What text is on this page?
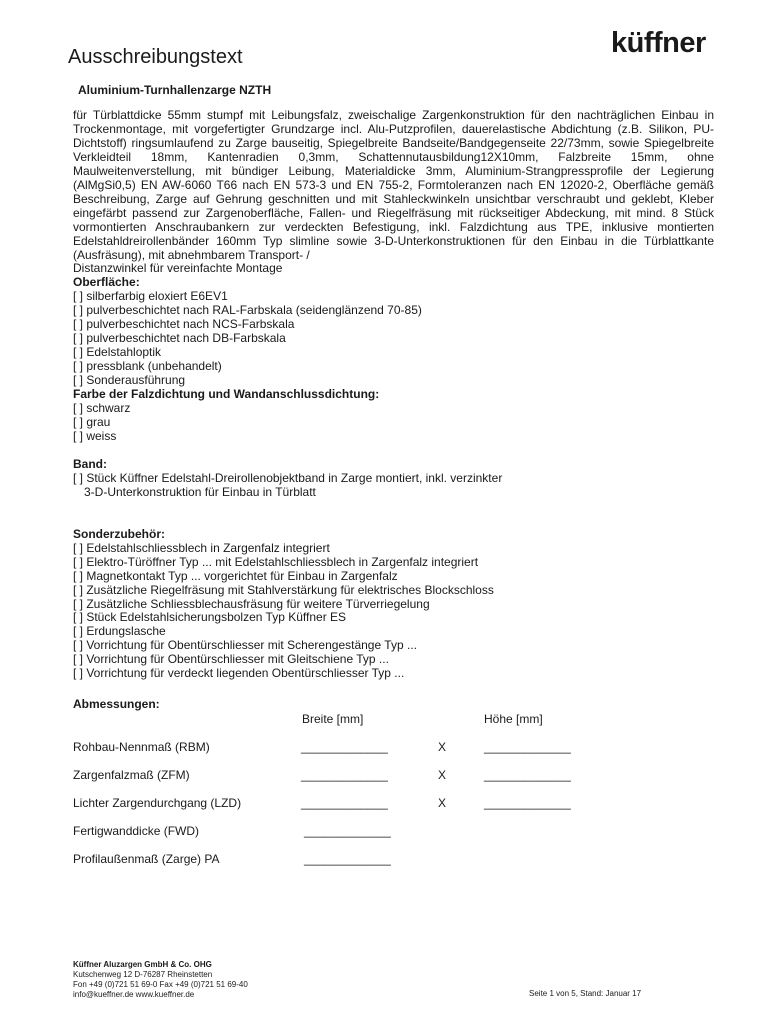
Ausschreibungstext	küffner
Aluminium-Turnhallenzarge NZTH

für Türblattdicke 55mm stumpf mit Leibungsfalz, zweischalige Zargenkonstruktion für den nachträglichen Einbau in Trockenmontage, mit vorgefertigter Grundzarge incl. Alu-Putzprofilen, dauerelastische Abdichtung (z.B. Silikon, PU-Dichtstoff) ringsumlaufend zu Zarge bauseitig, Spiegelbreite Bandseite/Bandgegenseite 22/73mm, sowie Spiegelbreite Verkleidteil 18mm, Kantenradien 0,3mm, Schattennutausbildung12X10mm, Falzbreite 15mm, ohne Maulweitenverstellung, mit bündiger Leibung, Materialdicke 3mm, Aluminium-Strangpressprofile der Legierung (AlMgSi0,5) EN AW-6060 T66 nach EN 573-3 und EN 755-2, Formtoleranzen nach EN 12020-2, Oberfläche gemäß Beschreibung, Zarge auf Gehrung geschnitten und mit Stahleckwinkeln unsichtbar verschraubt und geklebt, Kleber eingefärbt passend zur Zargenoberfläche, Fallen- und Riegelfräsung mit rückseitiger Abdeckung, mit mind. 8 Stück vormontierten Anschraubankern zur verdeckten Befestigung, inkl. Falzdichtung aus TPE, inklusive montierten Edelstahldreirollenbänder 160mm Typ slimline sowie 3-D-Unterkonstruktionen für den Einbau in die Türblattkante (Ausfräsung), mit abnehmbarem Transport- /

Distanzwinkel für vereinfachte Montage

Oberfläche:

[ ] silberfarbig eloxiert E6EV1

[ ] pulverbeschichtet nach RAL-Farbskala (seidenglänzend 70-85)

[ ] pulverbeschichtet nach NCS-Farbskala

[ ] pulverbeschichtet nach DB-Farbskala

[ ] Edelstahloptik

[ ] pressblank (unbehandelt)

[ ] Sonderausführung

Farbe der Falzdichtung und Wandanschlussdichtung:

[ ] schwarz

[ ] grau

[ ] weiss

Band:

[ ] Stück Küffner Edelstahl-Dreirollenobjektband in Zarge montiert, inkl. verzinkter

3-D-Unterkonstruktion für Einbau in Türblatt

Sonderzubehör:

[ ] Edelstahlschliessblech in Zargenfalz integriert

[ ] Elektro-Türöffner Typ ... mit Edelstahlschliessblech in Zargenfalz integriert

[ ] Magnetkontakt Typ ... vorgerichtet für Einbau in Zargenfalz

[ ] Zusätzliche Riegelfräsung mit Stahlverstärkung für elektrisches Blockschloss

[ ] Zusätzliche Schliessblechausfräsung für weitere Türverriegelung

[ ] Stück Edelstahlsicherungsbolzen Typ Küffner ES

[ ] Erdungslasche

[ ] Vorrichtung für Obentürschliesser mit Scherengestänge Typ ...

[ ] Vorrichtung für Obentürschliesser mit Gleitschiene Typ ...

[ ] Vorrichtung für verdeckt liegenden Obentürschliesser Typ ...

Abmessungen:
Breite [mm]	Höhe [mm]
Rohbau-Nennmaß (RBM)	_____________	X	_____________
Zargenfalzmaß (ZFM)	_____________	X	_____________
Lichter Zargendurchgang (LZD)	_____________	X	_____________
Fertigwanddicke (FWD)	_____________
Profilaußenmaß (Zarge) PA	_____________
Küffner Aluzargen GmbH & Co. OHG
Kutschenweg 12 D-76287 Rheinstetten
Fon +49 (0)721 51 69-0 Fax +49 (0)721 51 69-40
info@kueffner.de www.kueffner.de	Seite 1 von 5, Stand: Januar 17
